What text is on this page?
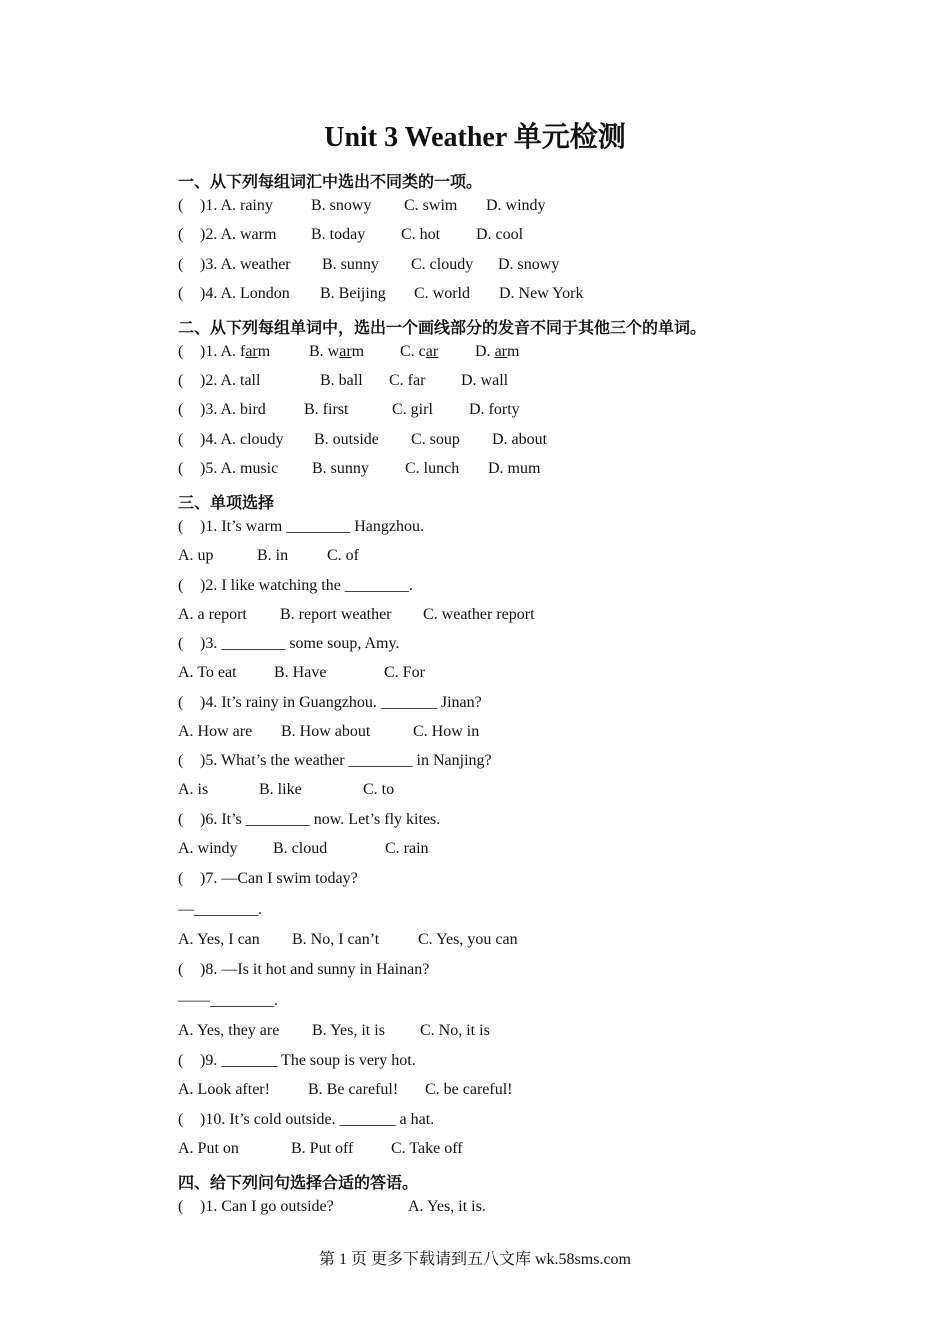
Unit 3 Weather 单元检测
一、从下列每组词汇中选出不同类的一项。
( )1. A. rainy B. snowy C. swim D. windy
( )2. A. warm B. today C. hot D. cool
( )3. A. weather B. sunny C. cloudy D. snowy
( )4. A. London B. Beijing C. world D. New York
二、从下列每组单词中，选出一个画线部分的发音不同于其他三个的单词。
( )1. A. farm B. warm C. car D. arm
( )2. A. tall	B. ball C. far D. wall
( )3. A. bird B. first	C. girl D. forty
( )4. A. cloudy B. outside C. soup D. about
( )5. A. music B. sunny C. lunch D. mum
三、单项选择
( )1. It’s warm ________ Hangzhou.
A. up	B. in C. of
( )2. I like watching the ________.
A. a report B. report weather C. weather report
( )3. ________ some soup, Amy.
A. To eat B. Have	C. For
( )4. It’s rainy in Guangzhou. _______ Jinan?
A. How are B. How about	C. How in
( )5. What’s the weather ________ in Nanjing?
A. is	B. like	C. to
( )6. It’s ________ now. Let’s fly kites.
A. windy B. cloud	C. rain
( )7. —Can I swim today?
—________.
A. Yes, I can B. No, I can’t C. Yes, you can
( )8. —Is it hot and sunny in Hainan?
——________.
A. Yes, they are B. Yes, it is C. No, it is
( )9. _______ The soup is very hot.
A. Look after! B. Be careful! C. be careful!
( )10. It’s cold outside. _______ a hat.
A. Put on	B. Put off C. Take off
四、给下列问句选择合适的答语。
( )1. Can I go outside?	A. Yes, it is.
第 1 页 更多下载请到五八文库 wk.58sms.com
